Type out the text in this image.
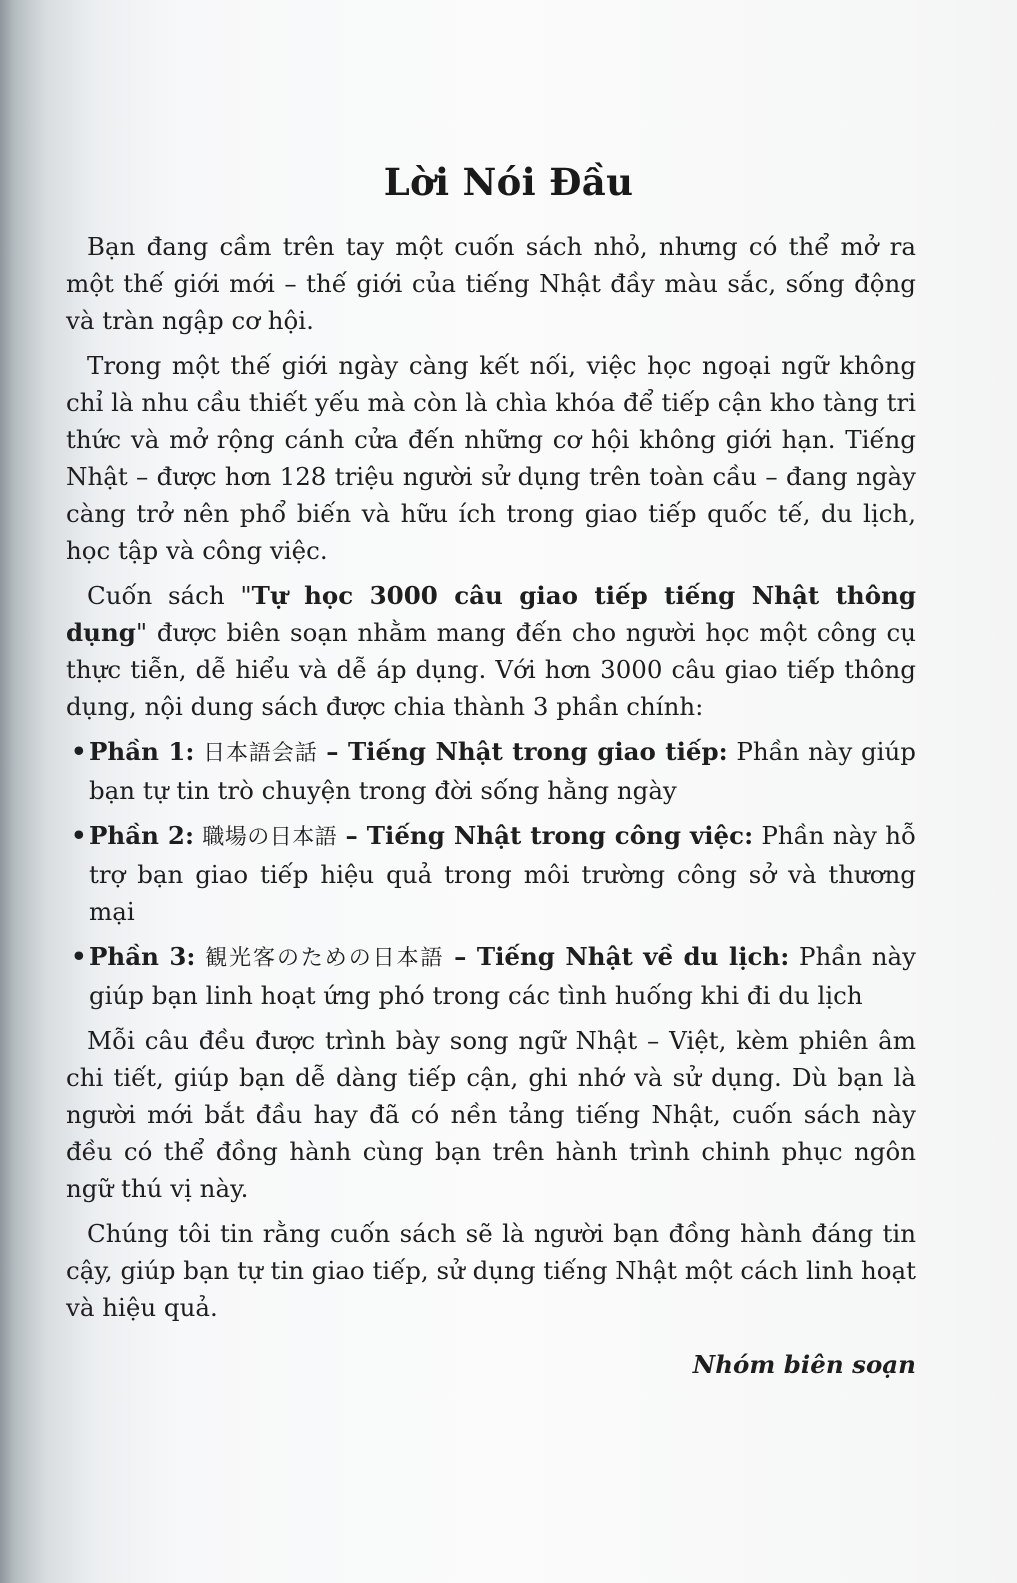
Lời Nói Đầu

Bạn đang cầm trên tay một cuốn sách nhỏ, nhưng có thể mở ra một thế giới mới – thế giới của tiếng Nhật đầy màu sắc, sống động và tràn ngập cơ hội.

Trong một thế giới ngày càng kết nối, việc học ngoại ngữ không chỉ là nhu cầu thiết yếu mà còn là chìa khóa để tiếp cận kho tàng tri thức và mở rộng cánh cửa đến những cơ hội không giới hạn. Tiếng Nhật – được hơn 128 triệu người sử dụng trên toàn cầu – đang ngày càng trở nên phổ biến và hữu ích trong giao tiếp quốc tế, du lịch, học tập và công việc.

Cuốn sách "Tự học 3000 câu giao tiếp tiếng Nhật thông dụng" được biên soạn nhằm mang đến cho người học một công cụ thực tiễn, dễ hiểu và dễ áp dụng. Với hơn 3000 câu giao tiếp thông dụng, nội dung sách được chia thành 3 phần chính:

• Phần 1: 日本語会話 – Tiếng Nhật trong giao tiếp: Phần này giúp bạn tự tin trò chuyện trong đời sống hằng ngày
• Phần 2: 職場の日本語 – Tiếng Nhật trong công việc: Phần này hỗ trợ bạn giao tiếp hiệu quả trong môi trường công sở và thương mại
• Phần 3: 観光客のための日本語 – Tiếng Nhật về du lịch: Phần này giúp bạn linh hoạt ứng phó trong các tình huống khi đi du lịch

Mỗi câu đều được trình bày song ngữ Nhật – Việt, kèm phiên âm chi tiết, giúp bạn dễ dàng tiếp cận, ghi nhớ và sử dụng. Dù bạn là người mới bắt đầu hay đã có nền tảng tiếng Nhật, cuốn sách này đều có thể đồng hành cùng bạn trên hành trình chinh phục ngôn ngữ thú vị này.

Chúng tôi tin rằng cuốn sách sẽ là người bạn đồng hành đáng tin cậy, giúp bạn tự tin giao tiếp, sử dụng tiếng Nhật một cách linh hoạt và hiệu quả.

Nhóm biên soạn
